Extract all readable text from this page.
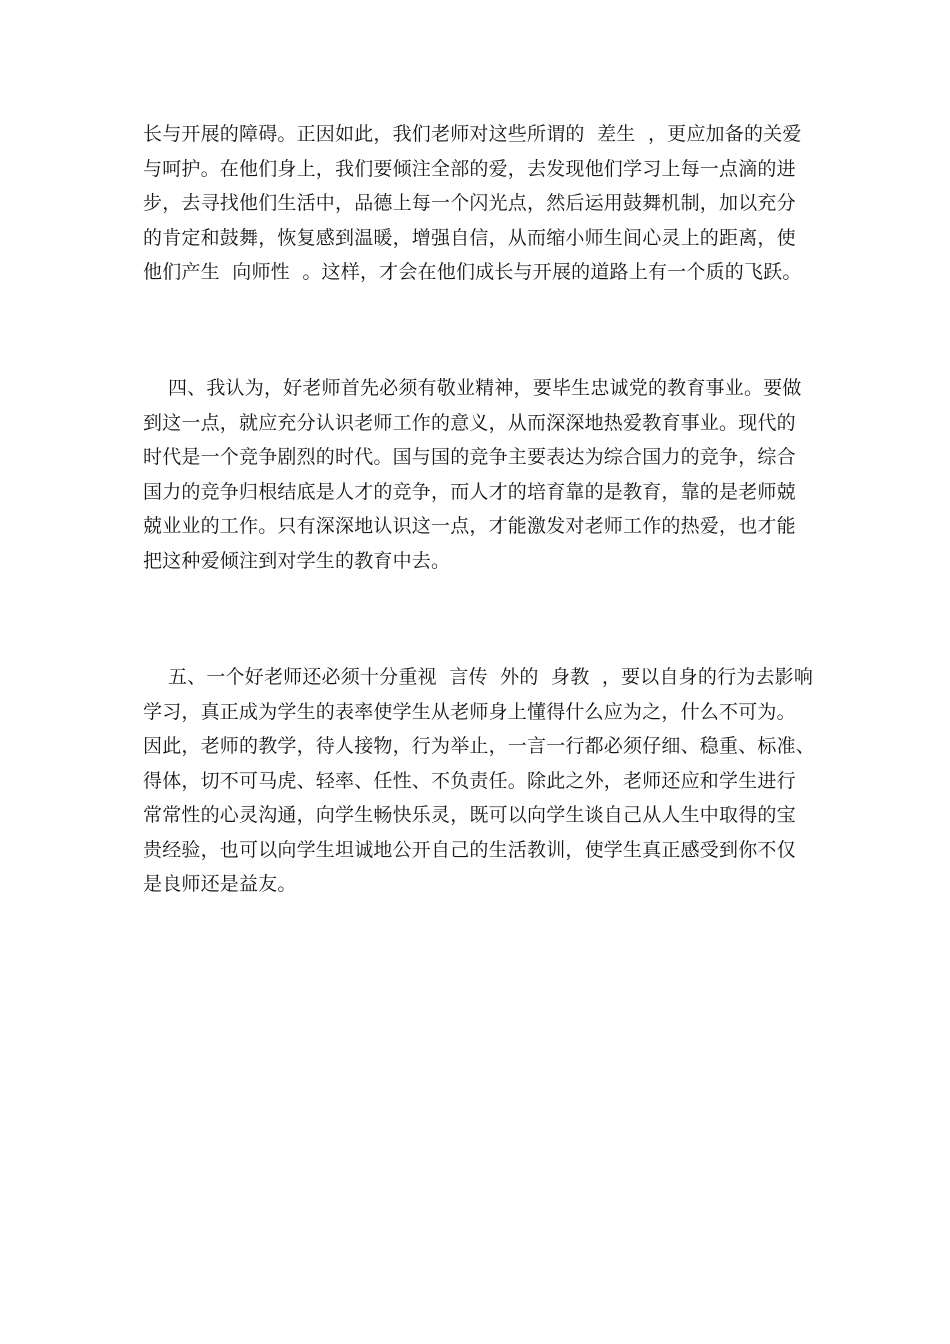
长与开展的障碍。正因如此，我们老师对这些所谓的  差生  ，更应加备的关爱
与呵护。在他们身上，我们要倾注全部的爱，去发现他们学习上每一点滴的进
步，去寻找他们生活中，品德上每一个闪光点，然后运用鼓舞机制，加以充分
的肯定和鼓舞，恢复感到温暖，增强自信，从而缩小师生间心灵上的距离，使
他们产生  向师性  。这样，才会在他们成长与开展的道路上有一个质的飞跃。
四、我认为，好老师首先必须有敬业精神，要毕生忠诚党的教育事业。要做
到这一点，就应充分认识老师工作的意义，从而深深地热爱教育事业。现代的
时代是一个竞争剧烈的时代。国与国的竞争主要表达为综合国力的竞争，综合
国力的竞争归根结底是人才的竞争，而人才的培育靠的是教育，靠的是老师兢
兢业业的工作。只有深深地认识这一点，才能激发对老师工作的热爱，也才能
把这种爱倾注到对学生的教育中去。
五、一个好老师还必须十分重视  言传  外的  身教  ，要以自身的行为去影响
学习，真正成为学生的表率使学生从老师身上懂得什么应为之，什么不可为。
因此，老师的教学，待人接物，行为举止，一言一行都必须仔细、稳重、标准、
得体，切不可马虎、轻率、任性、不负责任。除此之外，老师还应和学生进行
常常性的心灵沟通，向学生畅快乐灵，既可以向学生谈自己从人生中取得的宝
贵经验，也可以向学生坦诚地公开自己的生活教训，使学生真正感受到你不仅
是良师还是益友。
